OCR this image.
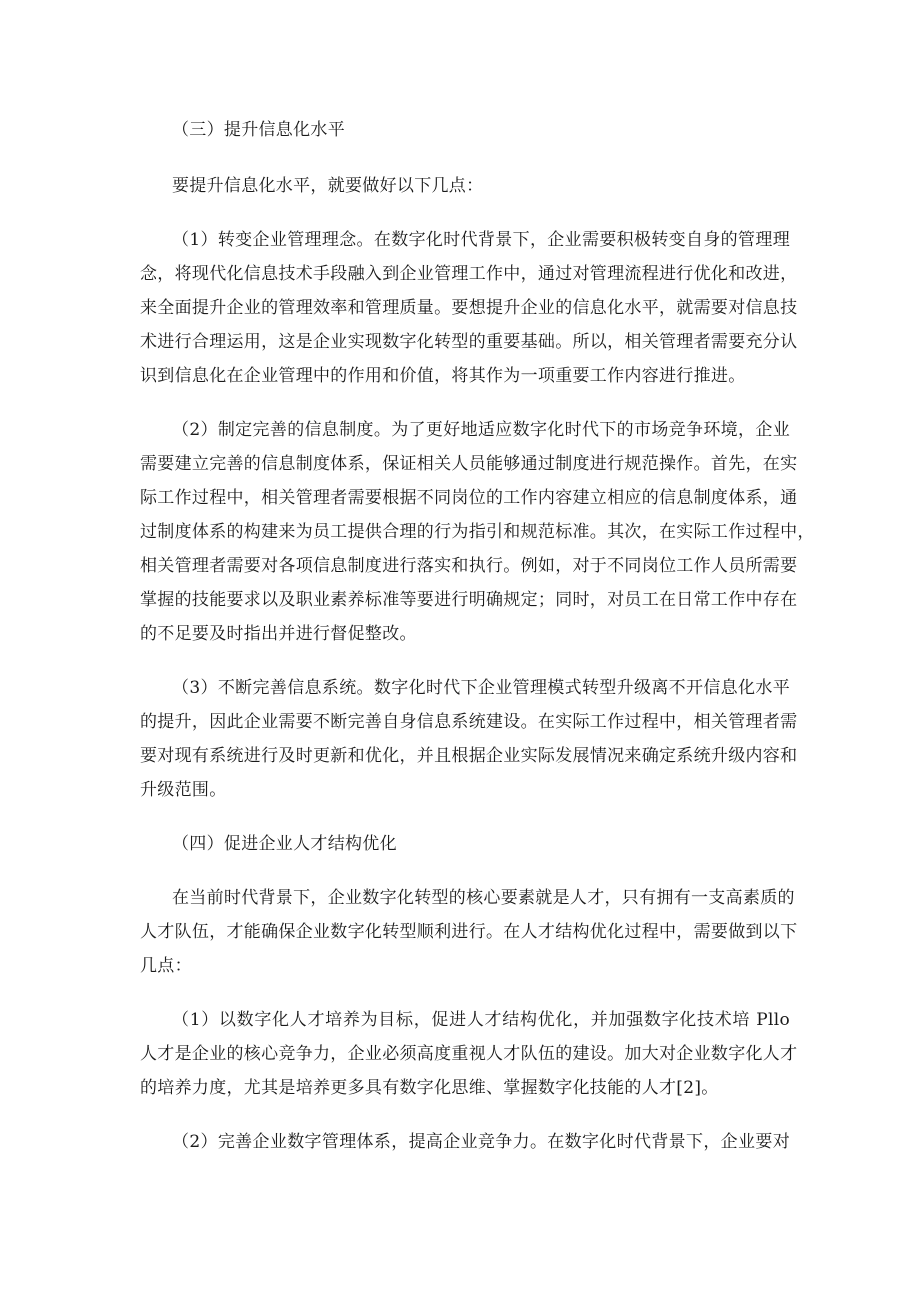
（三）提升信息化水平
要提升信息化水平，就要做好以下几点：
（1）转变企业管理理念。在数字化时代背景下，企业需要积极转变自身的管理理
念，将现代化信息技术手段融入到企业管理工作中，通过对管理流程进行优化和改进，
来全面提升企业的管理效率和管理质量。要想提升企业的信息化水平，就需要对信息技
术进行合理运用，这是企业实现数字化转型的重要基础。所以，相关管理者需要充分认
识到信息化在企业管理中的作用和价值，将其作为一项重要工作内容进行推进。
（2）制定完善的信息制度。为了更好地适应数字化时代下的市场竞争环境，企业
需要建立完善的信息制度体系，保证相关人员能够通过制度进行规范操作。首先，在实
际工作过程中，相关管理者需要根据不同岗位的工作内容建立相应的信息制度体系，通
过制度体系的构建来为员工提供合理的行为指引和规范标准。其次，在实际工作过程中，
相关管理者需要对各项信息制度进行落实和执行。例如，对于不同岗位工作人员所需要
掌握的技能要求以及职业素养标准等要进行明确规定；同时，对员工在日常工作中存在
的不足要及时指出并进行督促整改。
（3）不断完善信息系统。数字化时代下企业管理模式转型升级离不开信息化水平
的提升，因此企业需要不断完善自身信息系统建设。在实际工作过程中，相关管理者需
要对现有系统进行及时更新和优化，并且根据企业实际发展情况来确定系统升级内容和
升级范围。
（四）促进企业人才结构优化
在当前时代背景下，企业数字化转型的核心要素就是人才，只有拥有一支高素质的
人才队伍，才能确保企业数字化转型顺利进行。在人才结构优化过程中，需要做到以下
几点：
（1）以数字化人才培养为目标，促进人才结构优化，并加强数字化技术培 Pllo
人才是企业的核心竞争力，企业必须高度重视人才队伍的建设。加大对企业数字化人才
的培养力度，尤其是培养更多具有数字化思维、掌握数字化技能的人才[2]。
（2）完善企业数字管理体系，提高企业竞争力。在数字化时代背景下，企业要对
